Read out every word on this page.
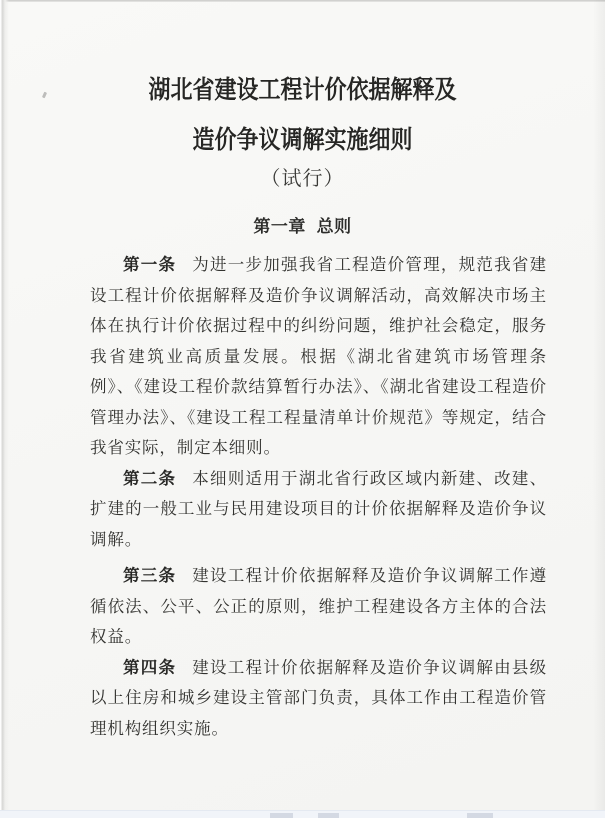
湖北省建设工程计价依据解释及
造价争议调解实施细则
（试行）
第一章 总则

第一条 为进一步加强我省工程造价管理，规范我省建设工程计价依据解释及造价争议调解活动，高效解决市场主体在执行计价依据过程中的纠纷问题，维护社会稳定，服务我省建筑业高质量发展。根据《湖北省建筑市场管理条例》、《建设工程价款结算暂行办法》、《湖北省建设工程造价管理办法》、《建设工程工程量清单计价规范》等规定，结合我省实际，制定本细则。

第二条 本细则适用于湖北省行政区域内新建、改建、扩建的一般工业与民用建设项目的计价依据解释及造价争议调解。

第三条 建设工程计价依据解释及造价争议调解工作遵循依法、公平、公正的原则，维护工程建设各方主体的合法权益。

第四条 建设工程计价依据解释及造价争议调解由县级以上住房和城乡建设主管部门负责，具体工作由工程造价管理机构组织实施。
